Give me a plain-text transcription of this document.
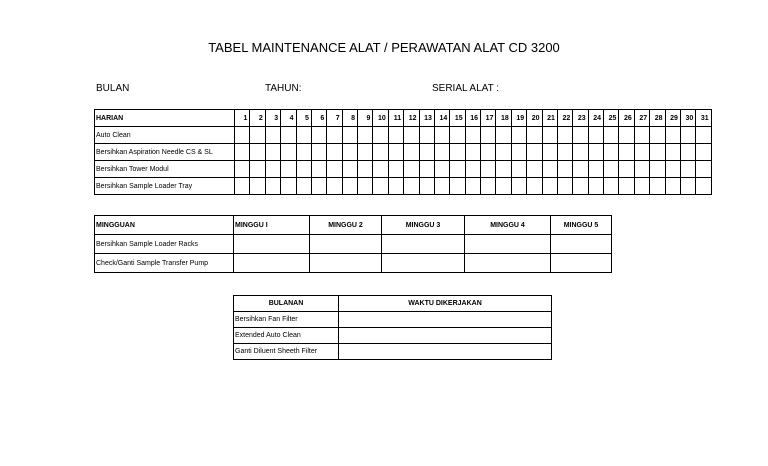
TABEL MAINTENANCE ALAT / PERAWATAN ALAT CD 3200
BULAN	TAHUN:	SERIAL ALAT :
HARIAN	1	2	3	4	5	6	7	8	9	10	11	12	13	14	15	16	17	18	19	20	21	22	23	24	25	26	27	28	29	30	31
Auto Clean																															
Bersihkan Aspiration Needle CS & SL																															
Bersihkan Tower Modul																															
Bersihkan Sample Loader Tray																															
MINGGUAN	MINGGU I	MINGGU 2	MINGGU 3	MINGGU 4	MINGGU 5
Bersihkan Sample Loader Racks					
Check/Ganti Sample Transfer Pump					
BULANAN	WAKTU DIKERJAKAN
Bersihkan Fan Filter	
Extended Auto Clean	
Ganti Diluent Sheeth Filter	
